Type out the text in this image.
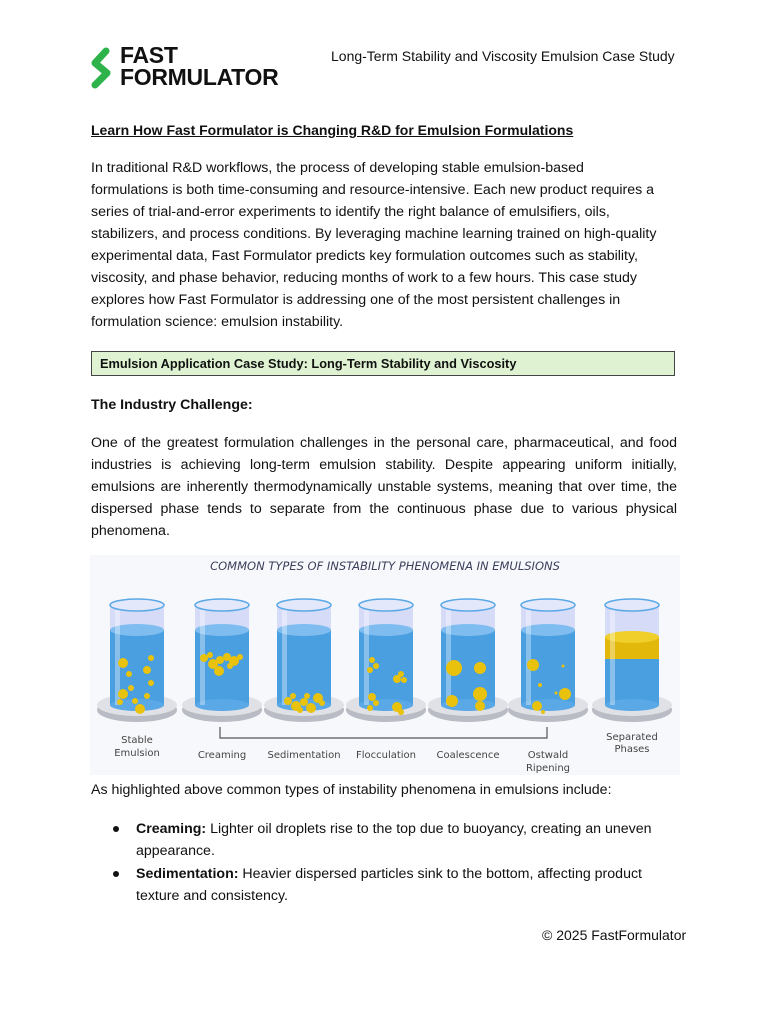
FAST
FORMULATOR
Long-Term Stability and Viscosity Emulsion Case Study
Learn How Fast Formulator is Changing R&D for Emulsion Formulations
In traditional R&D workflows, the process of developing stable emulsion-based
formulations is both time-consuming and resource-intensive. Each new product requires a
series of trial-and-error experiments to identify the right balance of emulsifiers, oils,
stabilizers, and process conditions. By leveraging machine learning trained on high-quality
experimental data, Fast Formulator predicts key formulation outcomes such as stability,
viscosity, and phase behavior, reducing months of work to a few hours. This case study
explores how Fast Formulator is addressing one of the most persistent challenges in
formulation science: emulsion instability.
Emulsion Application Case Study: Long-Term Stability and Viscosity
The Industry Challenge:
One of the greatest formulation challenges in the personal care, pharmaceutical, and food
industries is achieving long-term emulsion stability. Despite appearing uniform initially,
emulsions are inherently thermodynamically unstable systems, meaning that over time, the
dispersed phase tends to separate from the continuous phase due to various physical
phenomena.
COMMON TYPES OF INSTABILITY PHENOMENA IN EMULSIONS
Stable
Emulsion	Creaming Sedimentation Flocculation Coalescence	Ostwald
Ripening
Separated
Phases
As highlighted above common types of instability phenomena in emulsions include:
Creaming: Lighter oil droplets rise to the top due to buoyancy, creating an uneven
appearance.
Sedimentation: Heavier dispersed particles sink to the bottom, affecting product
texture and consistency.
© 2025 FastFormulator
